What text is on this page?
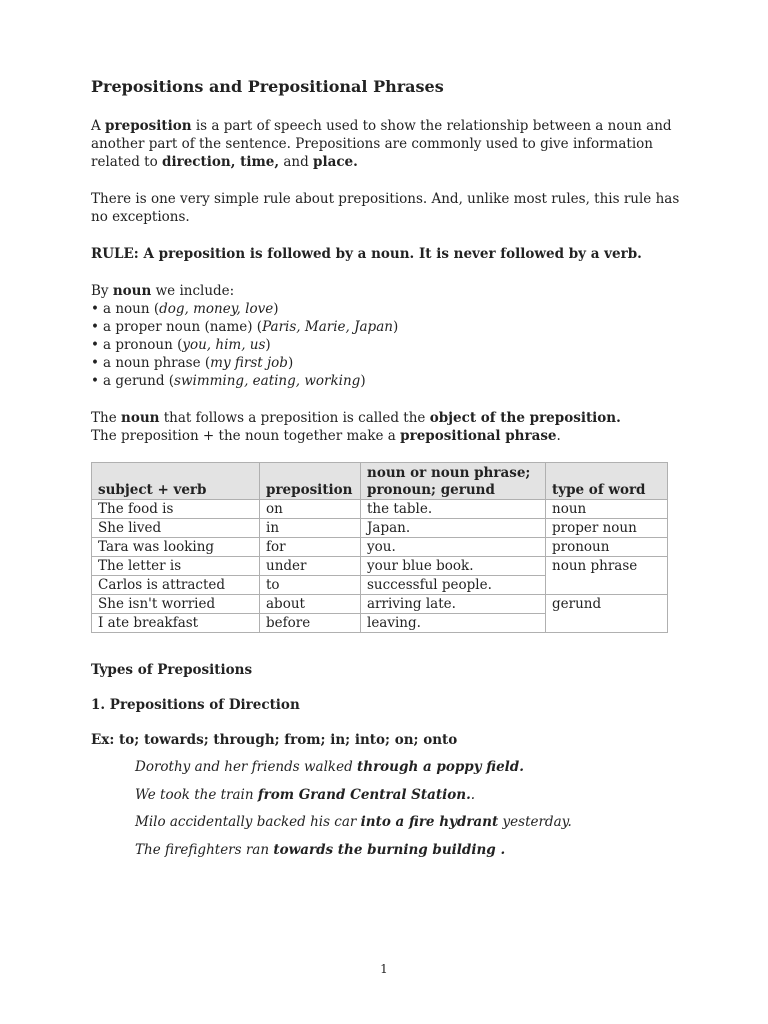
Prepositions and Prepositional Phrases

A preposition is a part of speech used to show the relationship between a noun and another part of the sentence. Prepositions are commonly used to give information related to direction, time, and place.

There is one very simple rule about prepositions. And, unlike most rules, this rule has no exceptions.

RULE: A preposition is followed by a noun. It is never followed by a verb.

By noun we include:

• a noun (dog, money, love)
• a proper noun (name) (Paris, Marie, Japan)
• a pronoun (you, him, us)
• a noun phrase (my first job)
• a gerund (swimming, eating, working)

The noun that follows a preposition is called the object of the preposition.

The preposition + the noun together make a prepositional phrase.

subject + verb	preposition	noun or noun phrase; pronoun; gerund	type of word
The food is	on	the table.	noun
She lived	in	Japan.	proper noun
Tara was looking	for	you.	pronoun
The letter is	under	your blue book.	noun phrase
Carlos is attracted	to	successful people.	
She isn't worried	about	arriving late.	gerund
I ate breakfast	before	leaving.	

Types of Prepositions

1. Prepositions of Direction

Ex: to; towards; through; from; in; into; on; onto

Dorothy and her friends walked through a poppy field.

We took the train from Grand Central Station..

Milo accidentally backed his car into a fire hydrant yesterday.

The firefighters ran towards the burning building .

1
